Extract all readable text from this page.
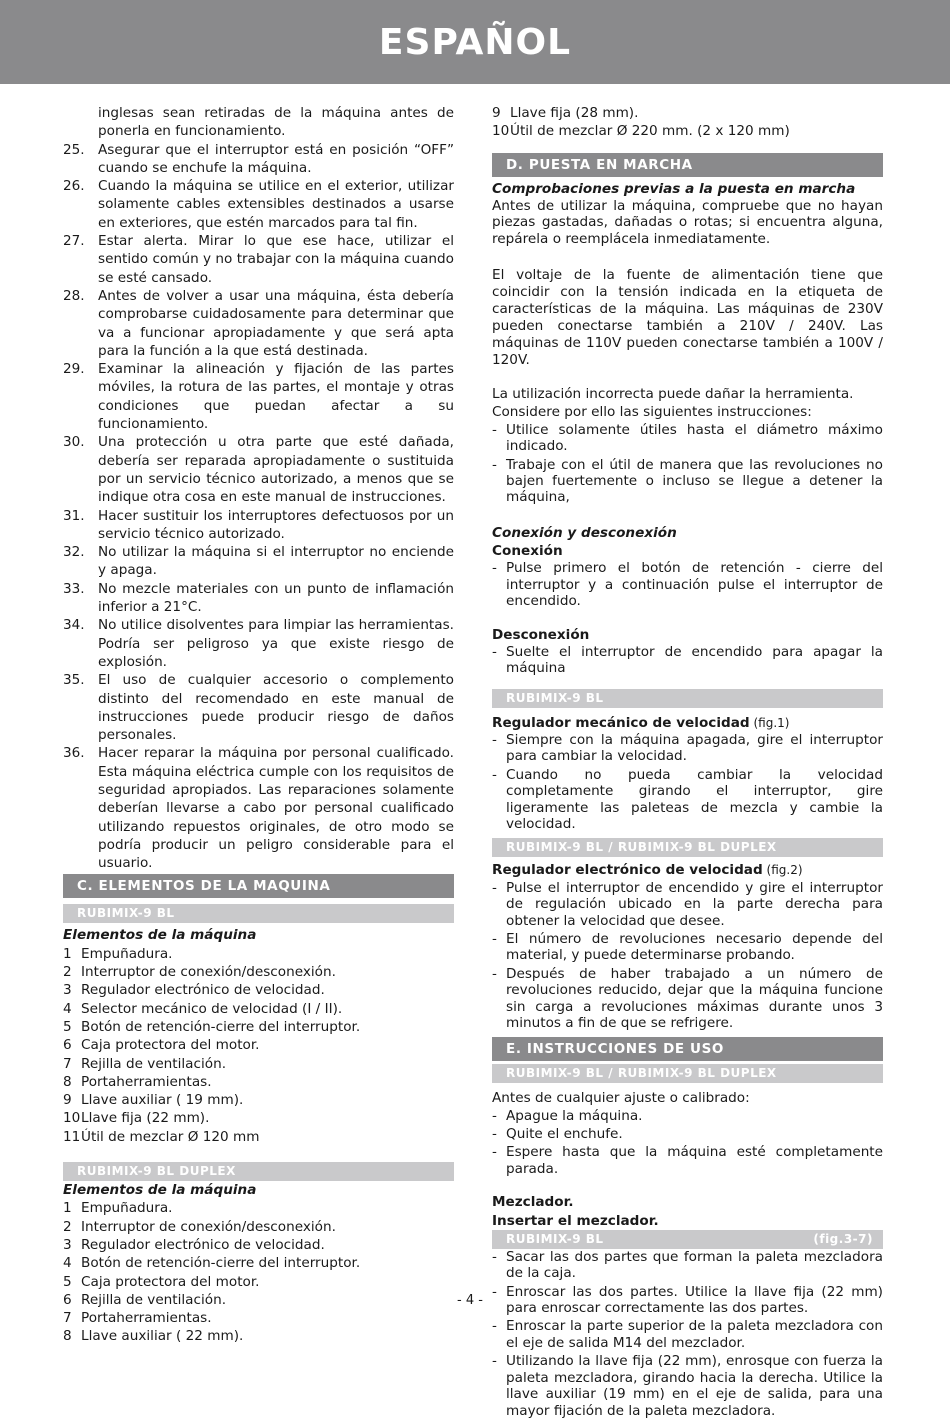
ESPAÑOL
inglesas sean retiradas de la máquina antes de ponerla en funcionamiento.
25. Asegurar que el interruptor está en posición “OFF” cuando se enchufe la máquina.
26. Cuando la máquina se utilice en el exterior, utilizar solamente cables extensibles destinados a usarse en exteriores, que estén marcados para tal fin.
27. Estar alerta. Mirar lo que ese hace, utilizar el sentido común y no trabajar con la máquina cuando se esté cansado.
28. Antes de volver a usar una máquina, ésta debería comprobarse cuidadosamente para determinar que va a funcionar apropiadamente y que será apta para la función a la que está destinada.
29. Examinar la alineación y fijación de las partes móviles, la rotura de las partes, el montaje y otras condiciones que puedan afectar a su funcionamiento.
30. Una protección u otra parte que esté dañada, debería ser reparada apropiadamente o sustituida por un servicio técnico autorizado, a menos que se indique otra cosa en este manual de instrucciones.
31. Hacer sustituir los interruptores defectuosos por un servicio técnico autorizado.
32. No utilizar la máquina si el interruptor no enciende y apaga.
33. No mezcle materiales con un punto de inflamación inferior a 21°C.
34. No utilice disolventes para limpiar las herramientas. Podría ser peligroso ya que existe riesgo de explosión.
35. El uso de cualquier accesorio o complemento distinto del recomendado en este manual de instrucciones puede producir riesgo de daños personales.
36. Hacer reparar la máquina por personal cualificado. Esta máquina eléctrica cumple con los requisitos de seguridad apropiados. Las reparaciones solamente deberían llevarse a cabo por personal cualificado utilizando repuestos originales, de otro modo se podría producir un peligro considerable para el usuario.
C. ELEMENTOS DE LA MAQUINA
RUBIMIX-9 BL
Elementos de la máquina
1 Empuñadura.
2 Interruptor de conexión/desconexión.
3 Regulador electrónico de velocidad.
4 Selector mecánico de velocidad (I / II).
5 Botón de retención-cierre del interruptor.
6 Caja protectora del motor.
7 Rejilla de ventilación.
8 Portaherramientas.
9 Llave auxiliar ( 19 mm).
10 Llave fija (22 mm).
11 Útil de mezclar Ø 120 mm
RUBIMIX-9 BL DUPLEX
Elementos de la máquina
1 Empuñadura.
2 Interruptor de conexión/desconexión.
3 Regulador electrónico de velocidad.
4 Botón de retención-cierre del interruptor.
5 Caja protectora del motor.
6 Rejilla de ventilación.
7 Portaherramientas.
8 Llave auxiliar ( 22 mm).
9 Llave fija (28 mm).
10 Útil de mezclar Ø 220 mm. (2 x 120 mm)
D. PUESTA EN MARCHA
Comprobaciones previas a la puesta en marcha
Antes de utilizar la máquina, compruebe que no hayan piezas gastadas, dañadas o rotas; si encuentra alguna, repárela o reemplácela inmediatamente.
El voltaje de la fuente de alimentación tiene que coincidir con la tensión indicada en la etiqueta de características de la máquina. Las máquinas de 230V pueden conectarse también a 210V / 240V. Las máquinas de 110V pueden conectarse también a 100V / 120V.
La utilización incorrecta puede dañar la herramienta.
Considere por ello las siguientes instrucciones:
- Utilice solamente útiles hasta el diámetro máximo indicado.
- Trabaje con el útil de manera que las revoluciones no bajen fuertemente o incluso se llegue a detener la máquina,
Conexión y desconexión
Conexión
- Pulse primero el botón de retención - cierre del interruptor y a continuación pulse el interruptor de encendido.
Desconexión
- Suelte el interruptor de encendido para apagar la máquina
RUBIMIX-9 BL
Regulador mecánico de velocidad (fig.1)
- Siempre con la máquina apagada, gire el interruptor para cambiar la velocidad.
- Cuando no pueda cambiar la velocidad completamente girando el interruptor, gire ligeramente las paleteas de mezcla y cambie la velocidad.
RUBIMIX-9 BL / RUBIMIX-9 BL DUPLEX
Regulador electrónico de velocidad (fig.2)
- Pulse el interruptor de encendido y gire el interruptor de regulación ubicado en la parte derecha para obtener la velocidad que desee.
- El número de revoluciones necesario depende del material, y puede determinarse probando.
- Después de haber trabajado a un número de revoluciones reducido, dejar que la máquina funcione sin carga a revoluciones máximas durante unos 3 minutos a fin de que se refrigere.
E. INSTRUCCIONES DE USO
RUBIMIX-9 BL / RUBIMIX-9 BL DUPLEX
Antes de cualquier ajuste o calibrado:
- Apague la máquina.
- Quite el enchufe.
- Espere hasta que la máquina esté completamente parada.
Mezclador.
Insertar el mezclador.
RUBIMIX-9 BL	(fig.3-7)
- Sacar las dos partes que forman la paleta mezcladora de la caja.
- Enroscar las dos partes. Utilice la llave fija (22 mm) para enroscar correctamente las dos partes.
- Enroscar la parte superior de la paleta mezcladora con el eje de salida M14 del mezclador.
- Utilizando la llave fija (22 mm), enrosque con fuerza la paleta mezcladora, girando hacia la derecha. Utilice la llave auxiliar (19 mm) en el eje de salida, para una mayor fijación de la paleta mezcladora.
- 4 -
